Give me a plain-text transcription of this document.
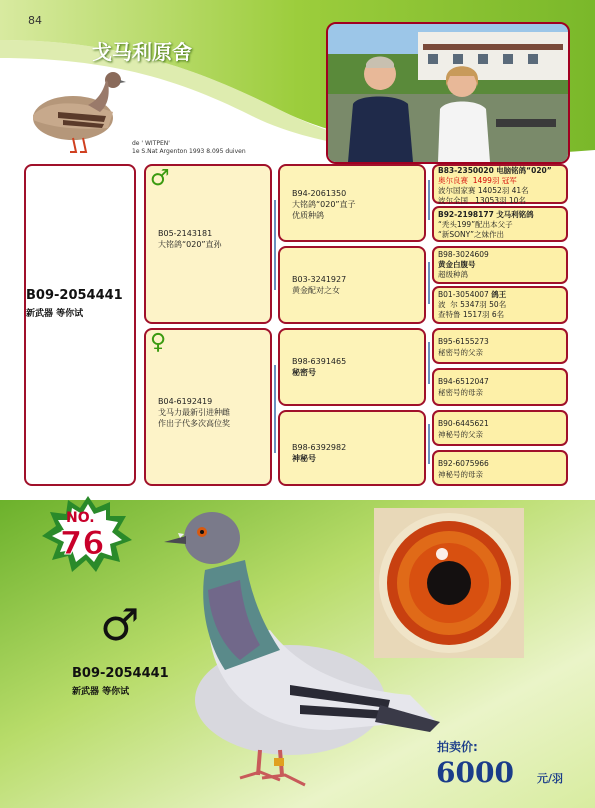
84
戈马利原舍
de ' WITPEN'
1e S.Nat Argenton 1993 8.095 duiven
B09-2054441
新武器 等你试
♂
B05-2143181
大铭鸽“020”直孙
♀
B04-6192419
戈马力最新引进种雌
作出子代多次高位奖
B94-2061350
大铭鸽“020”直子
优质种鸽
B03-3241927
黄金配对之女
B98-6391465
秘密号
B98-6392982
神秘号
B83-2350020 电脑铭鸽“020”
奥尔良赛 1499羽 冠军
波尔国家赛 14052羽 41名
波尔全国 13053羽 10名
B92-2198177 戈马利铭鸽
“秃头199”配出本父子
“新SONY”之妹作出
B98-3024609
黄金白腹号
超级种鸽
B01-3054007 鸽王
波 尔 5347羽 50名
查特鲁 1517羽 6名
B95-6155273
秘密号的父亲
B94-6512047
秘密号的母亲
B90-6445621
神秘号的父亲
B92-6075966
神秘号的母亲
NO.
76
♂
B09-2054441
新武器 等你试
拍卖价:
6000 元/羽
